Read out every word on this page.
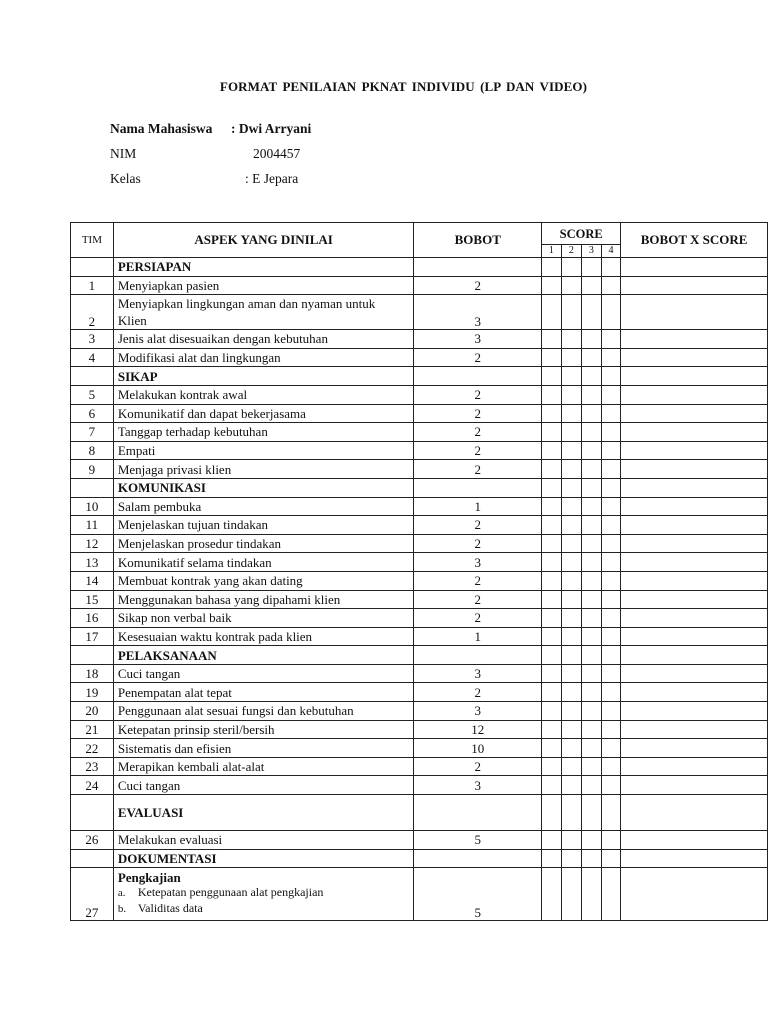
FORMAT PENILAIAN PKNAT INDIVIDU (LP DAN VIDEO)
Nama Mahasiswa : Dwi Arryani
NIM	2004457
Kelas	: E Jepara
TIM	ASPEK YANG DINILAI	BOBOT	SCORE				BOBOT X SCORE
			1	2	3	4	
	PERSIAPAN						
1	Menyiapkan pasien	2					
2	Menyiapkan lingkungan aman dan nyaman untuk
Klien	3					
3	Jenis alat disesuaikan dengan kebutuhan	3					
4	Modifikasi alat dan lingkungan	2					
	SIKAP						
5	Melakukan kontrak awal	2					
6	Komunikatif dan dapat bekerjasama	2					
7	Tanggap terhadap kebutuhan	2					
8	Empati	2					
9	Menjaga privasi klien	2					
	KOMUNIKASI						
10	Salam pembuka	1					
11	Menjelaskan tujuan tindakan	2					
12	Menjelaskan prosedur tindakan	2					
13	Komunikatif selama tindakan	3					
14	Membuat kontrak yang akan dating	2					
15	Menggunakan bahasa yang dipahami klien	2					
16	Sikap non verbal baik	2					
17	Kesesuaian waktu kontrak pada klien	1					
	PELAKSANAAN						
18	Cuci tangan	3					
19	Penempatan alat tepat	2					
20	Penggunaan alat sesuai fungsi dan kebutuhan	3					
21	Ketepatan prinsip steril/bersih	12					
22	Sistematis dan efisien	10					
23	Merapikan kembali alat-alat	2					
24	Cuci tangan	3					
	EVALUASI						
26	Melakukan evaluasi	5					
	DOKUMENTASI						
27	Pengkajian
a. Ketepatan penggunaan alat pengkajian
b. Validitas data	5					
